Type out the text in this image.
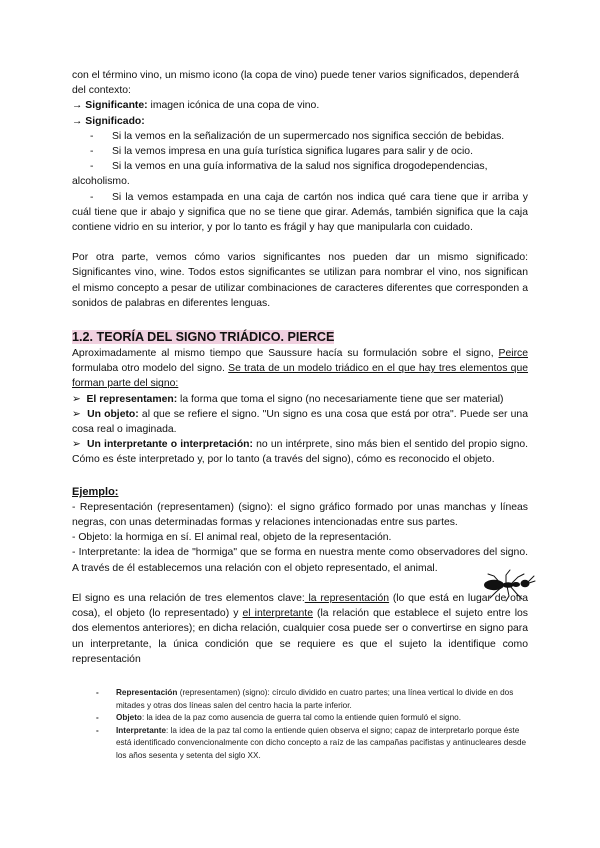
con el término vino, un mismo icono (la copa de vino) puede tener varios significados, dependerá del contexto:

→ Significante: imagen icónica de una copa de vino.

→ Significado:

- Si la vemos en la señalización de un supermercado nos significa sección de bebidas.

- Si la vemos impresa en una guía turística significa lugares para salir y de ocio.

- Si la vemos en una guía informativa de la salud nos significa drogodependencias, alcoholismo.

- Si la vemos estampada en una caja de cartón nos indica qué cara tiene que ir arriba y cuál tiene que ir abajo y significa que no se tiene que girar. Además, también significa que la caja contiene vidrio en su interior, y por lo tanto es frágil y hay que manipularla con cuidado.

Por otra parte, vemos cómo varios significantes nos pueden dar un mismo significado: Significantes vino, wine. Todos estos significantes se utilizan para nombrar el vino, nos significan el mismo concepto a pesar de utilizar combinaciones de caracteres diferentes que corresponden a sonidos de palabras en diferentes lenguas.

1.2. TEORÍA DEL SIGNO TRIÁDICO. PIERCE

Aproximadamente al mismo tiempo que Saussure hacía su formulación sobre el signo, Peirce formulaba otro modelo del signo. Se trata de un modelo triádico en el que hay tres elementos que forman parte del signo:

➢ El representamen: la forma que toma el signo (no necesariamente tiene que ser material)

➢ Un objeto: al que se refiere el signo. "Un signo es una cosa que está por otra". Puede ser una cosa real o imaginada.

➢ Un interpretante o interpretación: no un intérprete, sino más bien el sentido del propio signo. Cómo es éste interpretado y, por lo tanto (a través del signo), cómo es reconocido el objeto.

Ejemplo:

- Representación (representamen) (signo): el signo gráfico formado por unas manchas y líneas negras, con unas determinadas formas y relaciones intencionadas entre sus partes.

- Objeto: la hormiga en sí. El animal real, objeto de la representación.

- Interpretante: la idea de "hormiga" que se forma en nuestra mente como observadores del signo. A través de él establecemos una relación con el objeto representado, el animal.

El signo es una relación de tres elementos clave: la representación (lo que está en lugar de otra cosa), el objeto (lo representado) y el interpretante (la relación que establece el sujeto entre los dos elementos anteriores); en dicha relación, cualquier cosa puede ser o convertirse en signo para un interpretante, la única condición que se requiere es que el sujeto la identifique como representación

- Representación (representamen) (signo): círculo dividido en cuatro partes; una línea vertical lo divide en dos mitades y otras dos líneas salen del centro hacia la parte inferior.
- Objeto: la idea de la paz como ausencia de guerra tal como la entiende quien formuló el signo.
- Interpretante: la idea de la paz tal como la entiende quien observa el signo; capaz de interpretarlo porque éste está identificado convencionalmente con dicho concepto a raíz de las campañas pacifistas y antinucleares desde los años sesenta y setenta del siglo XX.
